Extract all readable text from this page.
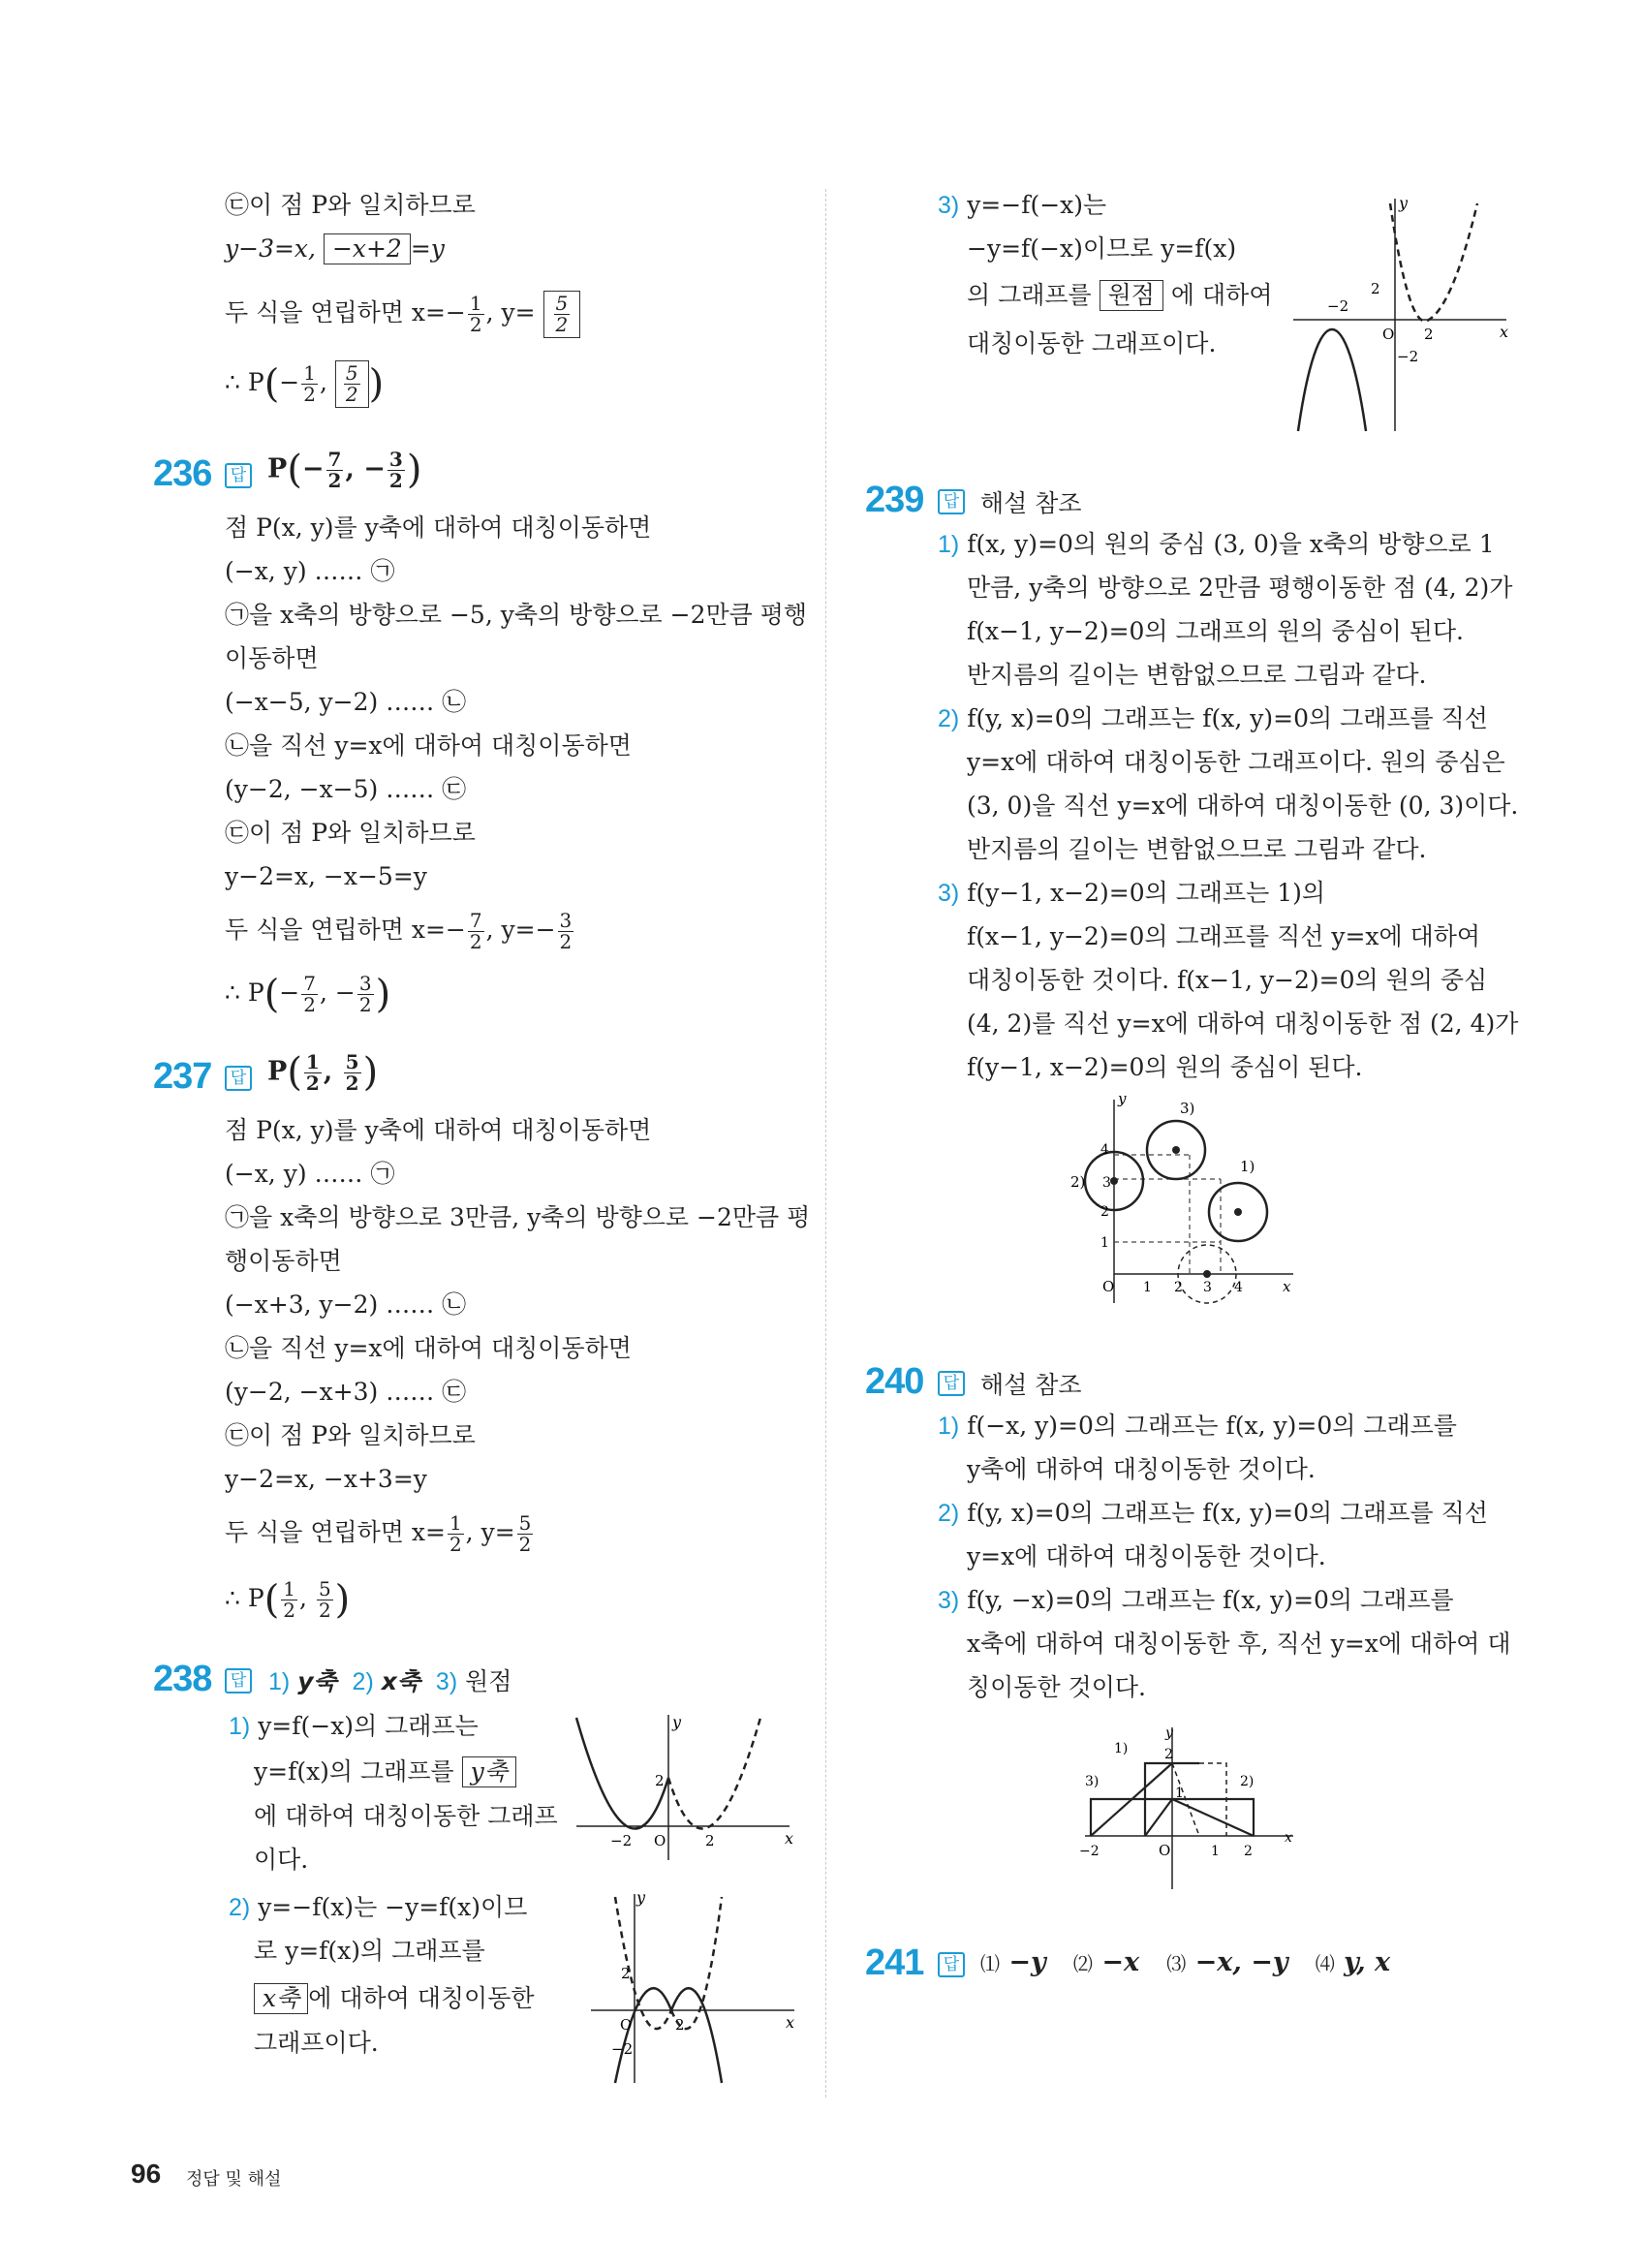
㉢이 점 P와 일치하므로
y−3=x, −x+2 =y
두 식을 연립하면 $x=- \frac{1}{2}$ , $y= \frac{5}{2}$
∴ $P(- \frac{1}{2}$ , $\frac{5}{2}$ )
236	답 $P(- \frac{7}{2}$ , − $\frac{3}{2}$ )
점 P(x, y)를 y축에 대하여 대칭이동하면
(−x, y) …… ㉠
㉠을 x축의 방향으로 −5, y축의 방향으로 −2만큼 평행
이동하면
(−x−5, y−2) …… ㉡
㉡을 직선 y=x에 대하여 대칭이동하면
(y−2, −x−5) …… ㉢
㉢이 점 P와 일치하므로
y−2=x, −x−5=y
두 식을 연립하면 $x=- \frac{7}{2}$ , $y=- \frac{3}{2}$
∴ $P(- \frac{7}{2}$ , − $\frac{3}{2}$ )
237	답 $P( \frac{1}{2}$ , $\frac{5}{2}$ )
점 P(x, y)를 y축에 대하여 대칭이동하면
(−x, y) …… ㉠
㉠을 x축의 방향으로 3만큼, y축의 방향으로 −2만큼 평
행이동하면
(−x+3, y−2) …… ㉡
㉡을 직선 y=x에 대하여 대칭이동하면
(y−2, −x+3) …… ㉢
㉢이 점 P와 일치하므로
y−2=x, −x+3=y
두 식을 연립하면 $x= \frac{1}{2}$ , $y= \frac{5}{2}$
∴ $P( \frac{1}{2}$ , $\frac{5}{2}$ )
238	답 1) y축 2) x축 3) 원점
1) y=f(−x)의 그래프는
y=f(x)의 그래프를 y축
에 대하여 대칭이동한 그래프
이다.
2) y=−f(x)는 −y=f(x)이므
로 y=f(x)의 그래프를
x축 에 대하여 대칭이동한
그래프이다.
x
y
−2 O	2
2
2
y
x
O	2
−2
3) y=−f(−x)는
−y=f(−x)이므로 y=f(x)
의 그래프를 원점 에 대하여
대칭이동한 그래프이다.
y
x
2
−2
O 2
−2
239	답 해설 참조
1) f(x, y)=0의 원의 중심 (3, 0)을 x축의 방향으로 1
만큼, y축의 방향으로 2만큼 평행이동한 점 (4, 2)가
f(x−1, y−2)=0의 그래프의 원의 중심이 된다.
반지름의 길이는 변함없으므로 그림과 같다.
2) f(y, x)=0의 그래프는 f(x, y)=0의 그래프를 직선
y=x에 대하여 대칭이동한 그래프이다. 원의 중심은
(3, 0)을 직선 y=x에 대하여 대칭이동한 (0, 3)이다.
반지름의 길이는 변함없으므로 그림과 같다.
3) f(y−1, x−2)=0의 그래프는 1)의
f(x−1, y−2)=0의 그래프를 직선 y=x에 대하여
대칭이동한 것이다. f(x−1, y−2)=0의 원의 중심
(4, 2)를 직선 y=x에 대하여 대칭이동한 점 (2, 4)가
f(y−1, x−2)=0의 원의 중심이 된다.
y
x
O 1 2 3 4
1
2
3
4
1)
2)
3)
240	답 해설 참조
1) f(−x, y)=0의 그래프는 f(x, y)=0의 그래프를
y축에 대하여 대칭이동한 것이다.
2) f(y, x)=0의 그래프는 f(x, y)=0의 그래프를 직선
y=x에 대하여 대칭이동한 것이다.
3) f(y, −x)=0의 그래프는 f(x, y)=0의 그래프를
x축에 대하여 대칭이동한 후, 직선 y=x에 대하여 대
칭이동한 것이다.
y
x
O
−2	1 2
1
2
1)
2)
3)
241	답 ⑴ −y ⑵ −x ⑶ −x, −y ⑷ y, x
96 정답 및 해설
